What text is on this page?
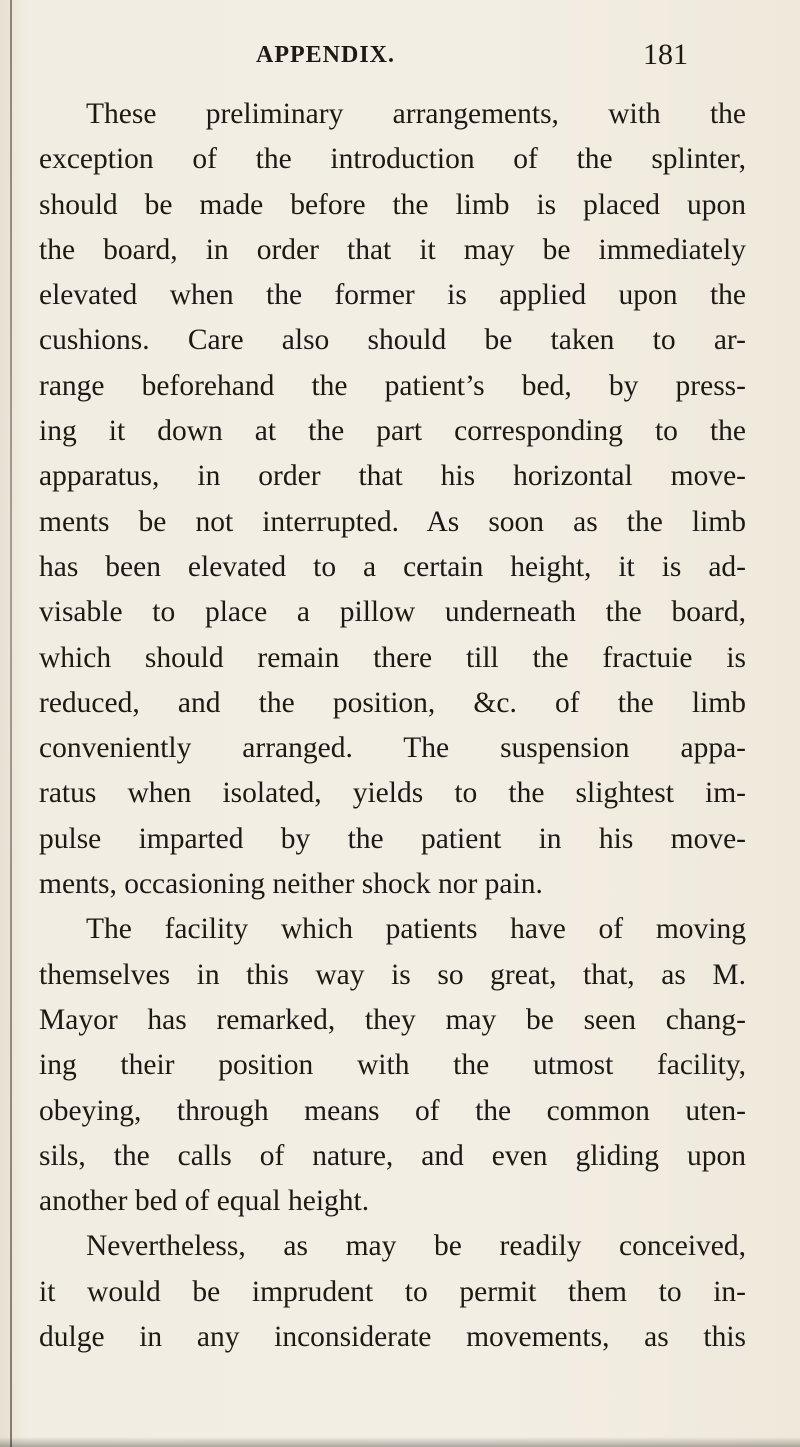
APPENDIX.	181
These preliminary arrangements, with the
exception of the introduction of the splinter,
should be made before the limb is placed upon
the board, in order that it may be immediately
elevated when the former is applied upon the
cushions. Care also should be taken to ar-
range beforehand the patient’s bed, by press-
ing it down at the part corresponding to the
apparatus, in order that his horizontal move-
ments be not interrupted. As soon as the limb
has been elevated to a certain height, it is ad-
visable to place a pillow underneath the board,
which should remain there till the fractuie is
reduced, and the position, &c. of the limb
conveniently arranged. The suspension appa-
ratus when isolated, yields to the slightest im-
pulse imparted by the patient in his move-
ments, occasioning neither shock nor pain.
The facility which patients have of moving
themselves in this way is so great, that, as M.
Mayor has remarked, they may be seen chang-
ing their position with the utmost facility,
obeying, through means of the common uten-
sils, the calls of nature, and even gliding upon
another bed of equal height.
Nevertheless, as may be readily conceived,
it would be imprudent to permit them to in-
dulge in any inconsiderate movements, as this
